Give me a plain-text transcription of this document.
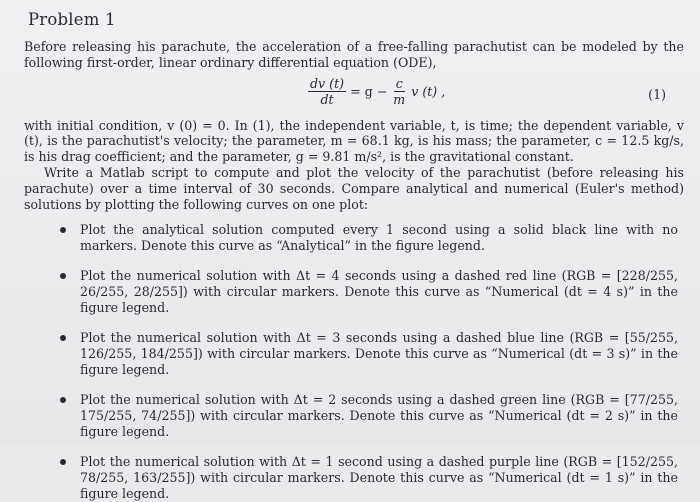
Problem 1

Before releasing his parachute, the acceleration of a free-falling parachutist can be modeled by the following first-order, linear ordinary differential equation (ODE),

$\frac{dv (t)}{dt} = g - \frac{c}{m}$ v (t) ,	(1)

with initial condition, v (0) = 0. In (1), the independent variable, t, is time; the dependent variable, v (t), is the parachutist's velocity; the parameter, m = 68.1 kg, is his mass; the parameter, c = 12.5 kg/s, is his drag coefficient; and the parameter, g = 9.81 m/s², is the gravitational constant.

Write a Matlab script to compute and plot the velocity of the parachutist (before releasing his parachute) over a time interval of 30 seconds. Compare analytical and numerical (Euler's method) solutions by plotting the following curves on one plot:

Plot the analytical solution computed every 1 second using a solid black line with no markers. Denote this curve as “Analytical” in the figure legend.
Plot the numerical solution with Δt = 4 seconds using a dashed red line (RGB = [228/255, 26/255, 28/255]) with circular markers. Denote this curve as “Numerical (dt = 4 s)” in the figure legend.
Plot the numerical solution with Δt = 3 seconds using a dashed blue line (RGB = [55/255, 126/255, 184/255]) with circular markers. Denote this curve as “Numerical (dt = 3 s)” in the figure legend.
Plot the numerical solution with Δt = 2 seconds using a dashed green line (RGB = [77/255, 175/255, 74/255]) with circular markers. Denote this curve as “Numerical (dt = 2 s)” in the figure legend.
Plot the numerical solution with Δt = 1 second using a dashed purple line (RGB = [152/255, 78/255, 163/255]) with circular markers. Denote this curve as “Numerical (dt = 1 s)” in the figure legend.
